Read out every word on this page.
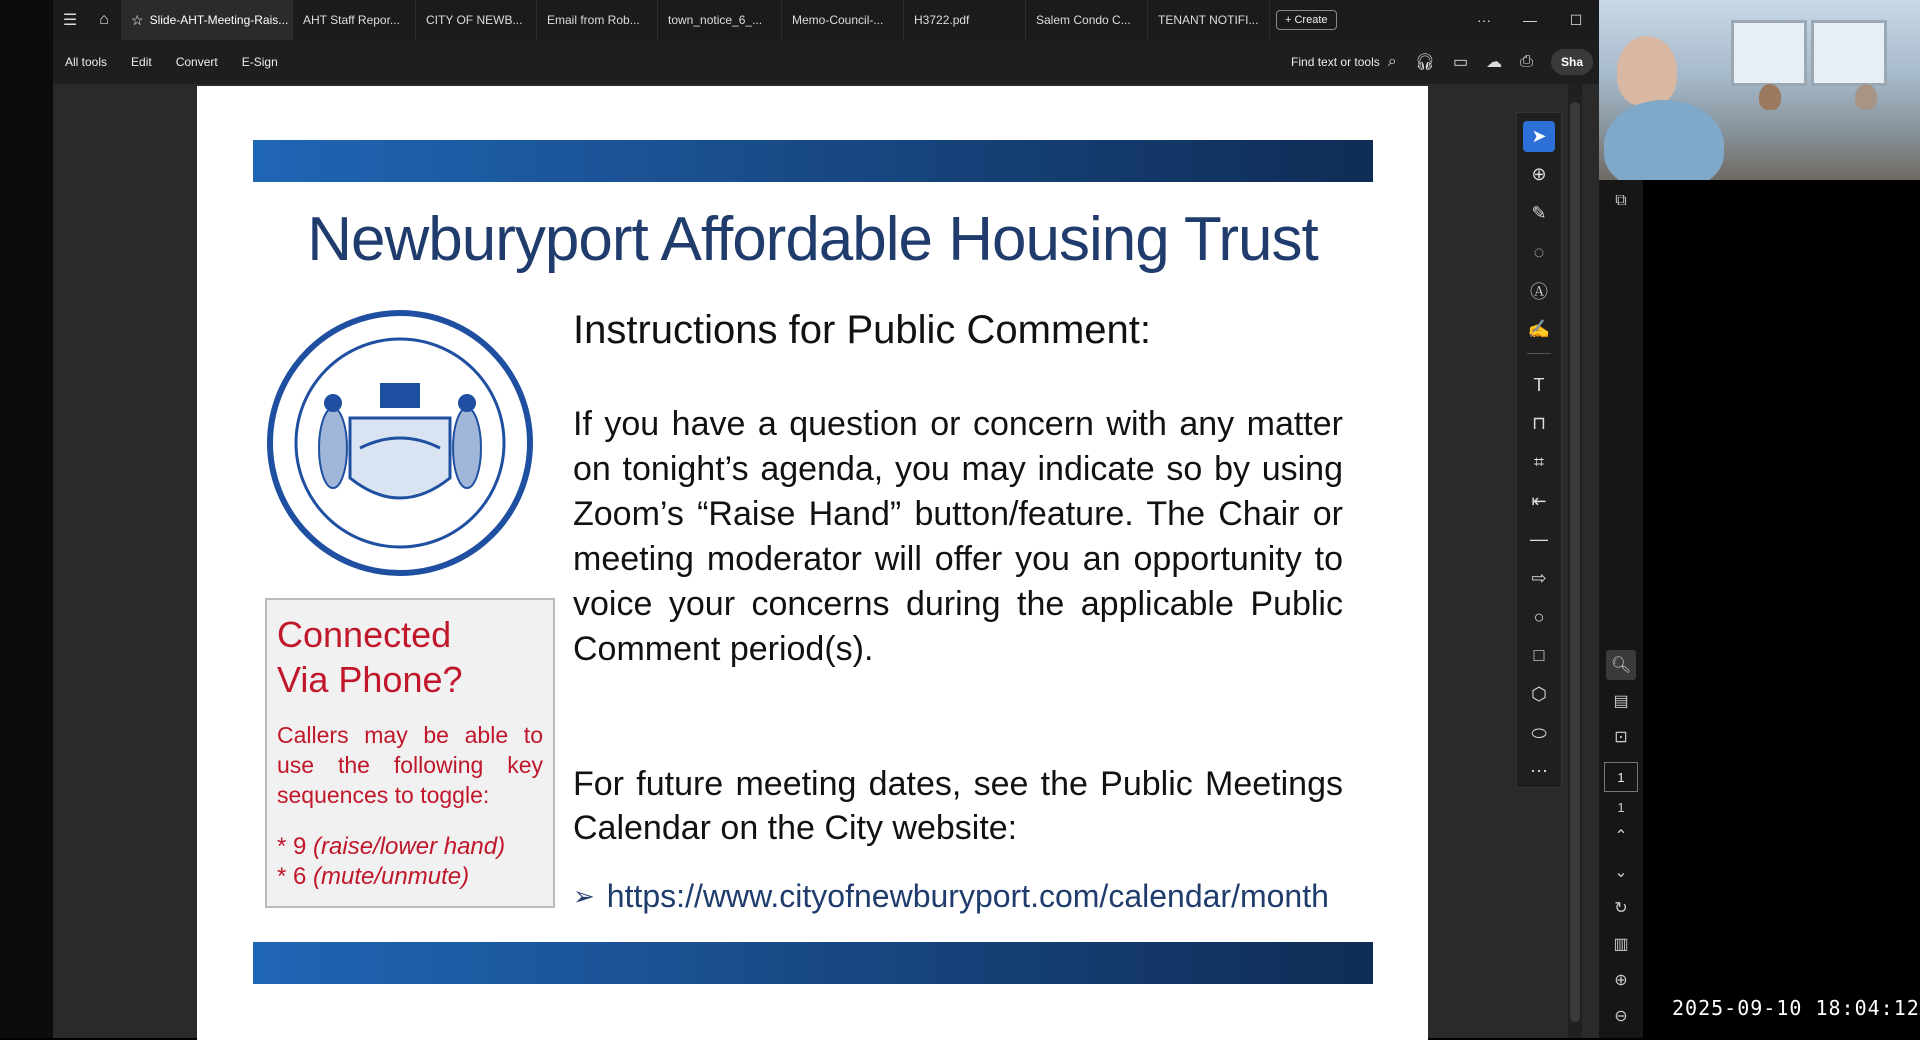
☰	⌂	☆ Slide-AHT-Meeting-Rais... AHT Staff Repor... CITY OF NEWB... Email from Rob... town_notice_6_... Memo-Council-...	H3722.pdf	Salem Condo C... TENANT NOTIFI...	+ Create	···	—	☐
All tools	Edit	Convert	E-Sign	Find text or tools ⌕ 🎧︎ ▭ ☁ ⎙	Sha
Newburyport Affordable Housing Trust
Instructions for Public Comment:
If you have a question or concern with any matter on tonight’s agenda, you may indicate so by using Zoom’s “Raise Hand” button/feature. The Chair or meeting moderator will offer you an opportunity to voice your concerns during the applicable Public Comment period(s).
Connected
Via Phone?
Callers may be able to use the following key sequences to toggle:
* 9 (raise/lower hand)
* 6 (mute/unmute)
For future meeting dates, see the Public Meetings Calendar on the City website:
➢ https://www.cityofnewburyport.com/calendar/month
➤
⊕
✎
◌
Ⓐ
✍
T
⊓
⌗
⇤
—
⇨
○
□
⬡
⬭
⋯
⧉
🔍︎
▤
⊡
1
1
⌃
⌄
↻
▥
⊕
⊖	2025-09-10 18:04:12
